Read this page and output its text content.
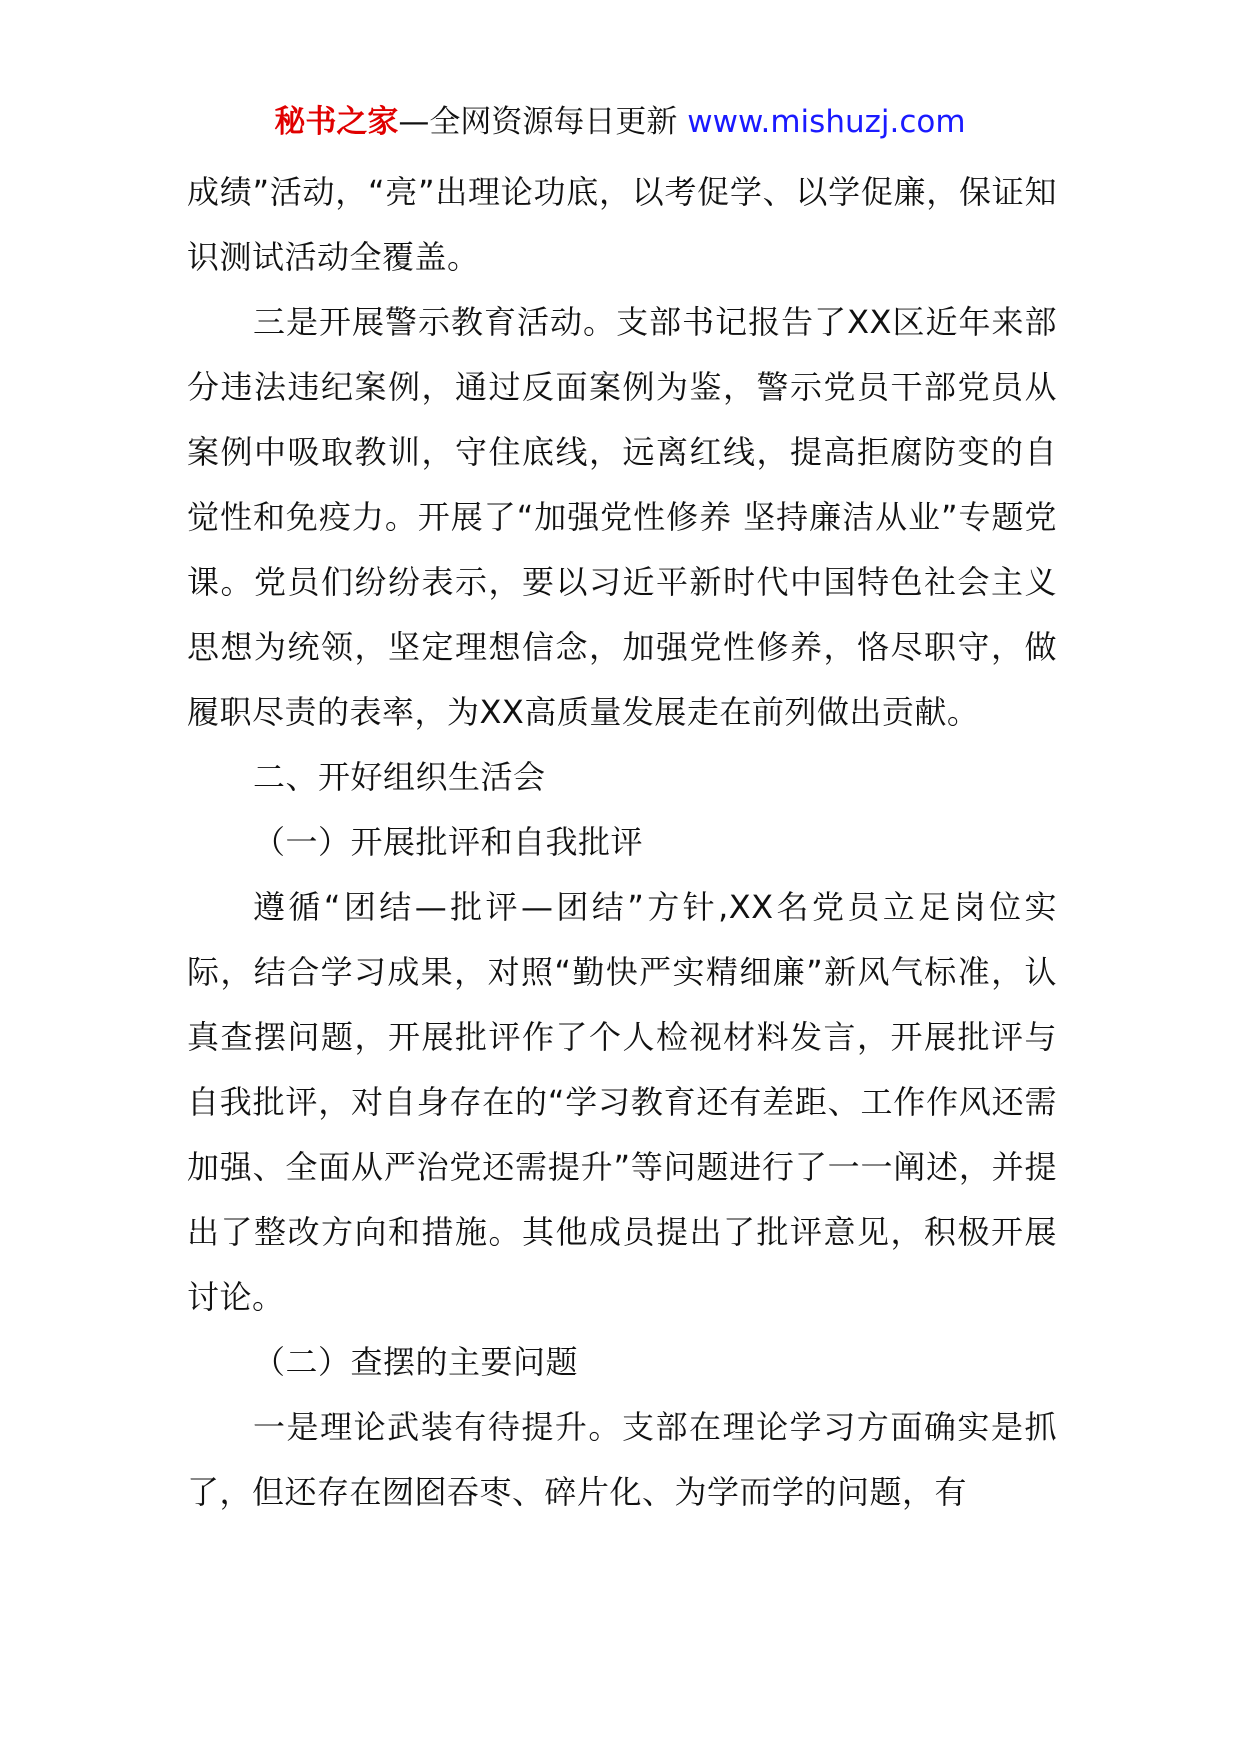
秘书之家—全网资源每日更新 www.mishuzj.com

成绩”活动，“亮”出理论功底，以考促学、以学促廉，保证知识测试活动全覆盖。

三是开展警示教育活动。支部书记报告了XX区近年来部分违法违纪案例，通过反面案例为鉴，警示党员干部党员从案例中吸取教训，守住底线，远离红线，提高拒腐防变的自觉性和免疫力。开展了“加强党性修养 坚持廉洁从业”专题党课。党员们纷纷表示，要以习近平新时代中国特色社会主义思想为统领，坚定理想信念，加强党性修养，恪尽职守，做履职尽责的表率，为XX高质量发展走在前列做出贡献。

二、开好组织生活会

（一）开展批评和自我批评

遵循“团结—批评—团结”方针,XX名党员立足岗位实际，结合学习成果，对照“勤快严实精细廉”新风气标准，认真查摆问题，开展批评作了个人检视材料发言，开展批评与自我批评，对自身存在的“学习教育还有差距、工作作风还需加强、全面从严治党还需提升”等问题进行了一一阐述，并提出了整改方向和措施。其他成员提出了批评意见，积极开展讨论。

（二）查摆的主要问题

一是理论武装有待提升。支部在理论学习方面确实是抓了，但还存在囫囵吞枣、碎片化、为学而学的问题，有
